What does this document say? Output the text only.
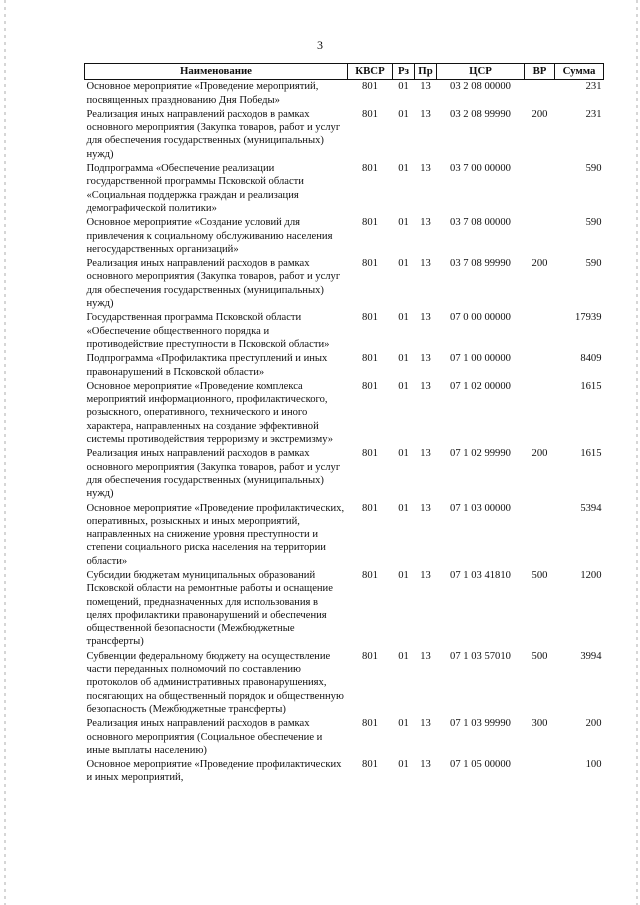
3
Наименование	КВСР	Рз	Пр	ЦСР	ВР	Сумма
Основное мероприятие «Проведение мероприятий, посвященных празднованию Дня Победы»	801	01	13	03 2 08 00000		231
Реализация иных направлений расходов в рамках основного мероприятия (Закупка товаров, работ и услуг для обеспечения государственных (муниципальных) нужд)	801	01	13	03 2 08 99990	200	231
Подпрограмма «Обеспечение реализации государственной программы Псковской области «Социальная поддержка граждан и реализация демографической политики»	801	01	13	03 7 00 00000		590
Основное мероприятие «Создание условий для привлечения к социальному обслуживанию населения негосударственных организаций»	801	01	13	03 7 08 00000		590
Реализация иных направлений расходов в рамках основного мероприятия (Закупка товаров, работ и услуг для обеспечения государственных (муниципальных) нужд)	801	01	13	03 7 08 99990	200	590
Государственная программа Псковской области «Обеспечение общественного порядка и противодействие преступности в Псковской области»	801	01	13	07 0 00 00000		17939
Подпрограмма «Профилактика преступлений и иных правонарушений в Псковской области»	801	01	13	07 1 00 00000		8409
Основное мероприятие «Проведение комплекса мероприятий информационного, профилактического, розыскного, оперативного, технического и иного характера, направленных на создание эффективной системы противодействия терроризму и экстремизму»	801	01	13	07 1 02 00000		1615
Реализация иных направлений расходов в рамках основного мероприятия (Закупка товаров, работ и услуг для обеспечения государственных (муниципальных) нужд)	801	01	13	07 1 02 99990	200	1615
Основное мероприятие «Проведение профилактических, оперативных, розыскных и иных мероприятий, направленных на снижение уровня преступности и степени социального риска населения на территории области»	801	01	13	07 1 03 00000		5394
Субсидии бюджетам муниципальных образований Псковской области на ремонтные работы и оснащение помещений, предназначенных для использования в целях профилактики правонарушений и обеспечения общественной безопасности (Межбюджетные трансферты)	801	01	13	07 1 03 41810	500	1200
Субвенции федеральному бюджету на осуществление части переданных полномочий по составлению протоколов об административных правонарушениях, посягающих на общественный порядок и общественную безопасность (Межбюджетные трансферты)	801	01	13	07 1 03 57010	500	3994
Реализация иных направлений расходов в рамках основного мероприятия (Социальное обеспечение и иные выплаты населению)	801	01	13	07 1 03 99990	300	200
Основное мероприятие «Проведение профилактических и иных мероприятий,	801	01	13	07 1 05 00000		100
